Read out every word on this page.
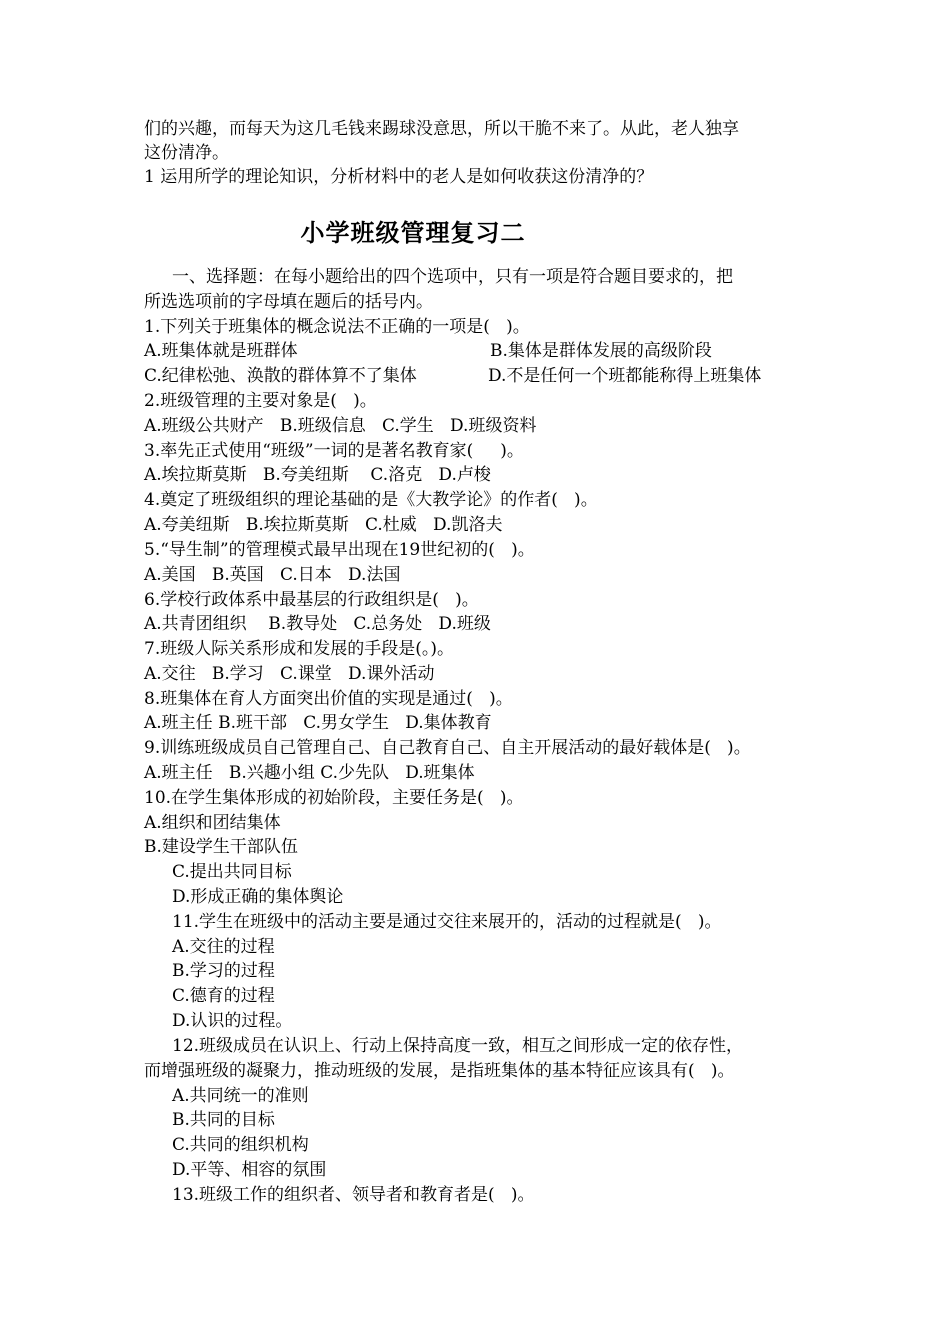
们的兴趣，而每天为这几毛钱来踢球没意思，所以干脆不来了。从此，老人独享
这份清净。
1 运用所学的理论知识，分析材料中的老人是如何收获这份清净的？
小学班级管理复习二
一、选择题：在每小题给出的四个选项中，只有一项是符合题目要求的，把
所选选项前的字母填在题后的括号内。
1.下列关于班集体的概念说法不正确的一项是(   )。
A.班集体就是班群体	B.集体是群体发展的高级阶段
C.纪律松弛、涣散的群体算不了集体	D.不是任何一个班都能称得上班集体
2.班级管理的主要对象是(   )。
A.班级公共财产   B.班级信息   C.学生   D.班级资料
3.率先正式使用“班级”一词的是著名教育家(     )。
A.埃拉斯莫斯   B.夸美纽斯    C.洛克   D.卢梭
4.奠定了班级组织的理论基础的是《大教学论》的作者(   )。
A.夸美纽斯   B.埃拉斯莫斯   C.杜威   D.凯洛夫
5.“导生制”的管理模式最早出现在19世纪初的(   )。
A.美国   B.英国   C.日本   D.法国
6.学校行政体系中最基层的行政组织是(   )。
A.共青团组织    B.教导处   C.总务处   D.班级
7.班级人际关系形成和发展的手段是(。)。
A.交往   B.学习   C.课堂   D.课外活动
8.班集体在育人方面突出价值的实现是通过(   )。
A.班主任 B.班干部   C.男女学生   D.集体教育
9.训练班级成员自己管理自己、自己教育自己、自主开展活动的最好载体是(   )。
A.班主任   B.兴趣小组 C.少先队   D.班集体
10.在学生集体形成的初始阶段，主要任务是(   )。
A.组织和团结集体
B.建设学生干部队伍
C.提出共同目标
D.形成正确的集体舆论
11.学生在班级中的活动主要是通过交往来展开的，活动的过程就是(   )。
A.交往的过程
B.学习的过程
C.德育的过程
D.认识的过程。
12.班级成员在认识上、行动上保持高度一致，相互之间形成一定的依存性，
而增强班级的凝聚力，推动班级的发展，是指班集体的基本特征应该具有(   )。
A.共同统一的准则
B.共同的目标
C.共同的组织机构
D.平等、相容的氛围
13.班级工作的组织者、领导者和教育者是(   )。
